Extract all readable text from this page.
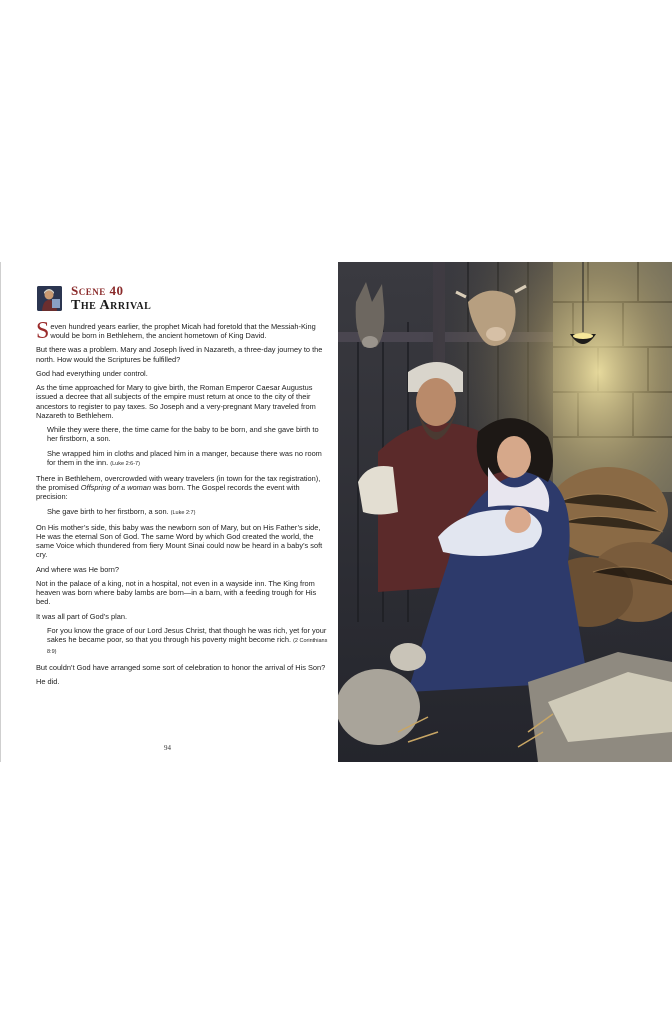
Scene 40
The Arrival

Seven hundred years earlier, the prophet Micah had foretold that the Messiah-King would be born in Bethlehem, the ancient hometown of King David.

But there was a problem. Mary and Joseph lived in Nazareth, a three-day journey to the north. How would the Scriptures be fulfilled?

God had everything under control.

As the time approached for Mary to give birth, the Roman Emperor Caesar Augustus issued a decree that all subjects of the empire must return at once to the city of their ancestors to register to pay taxes. So Joseph and a very-pregnant Mary traveled from Nazareth to Bethlehem.

While they were there, the time came for the baby to be born, and she gave birth to her firstborn, a son.

She wrapped him in cloths and placed him in a manger, because there was no room for them in the inn. (Luke 2:6-7)

There in Bethlehem, overcrowded with weary travelers (in town for the tax registration), the promised Offspring of a woman was born. The Gospel records the event with precision:

She gave birth to her firstborn, a son. (Luke 2:7)

On His mother’s side, this baby was the newborn son of Mary, but on His Father’s side, He was the eternal Son of God. The same Word by which God created the world, the same Voice which thundered from fiery Mount Sinai could now be heard in a baby’s soft cry.

And where was He born?

Not in the palace of a king, not in a hospital, not even in a wayside inn. The King from heaven was born where baby lambs are born—in a barn, with a feeding trough for His bed.

It was all part of God’s plan.

For you know the grace of our Lord Jesus Christ, that though he was rich, yet for your sakes he became poor, so that you through his poverty might become rich. (2 Corinthians 8:9)

But couldn’t God have arranged some sort of celebration to honor the arrival of His Son?

He did.

94
